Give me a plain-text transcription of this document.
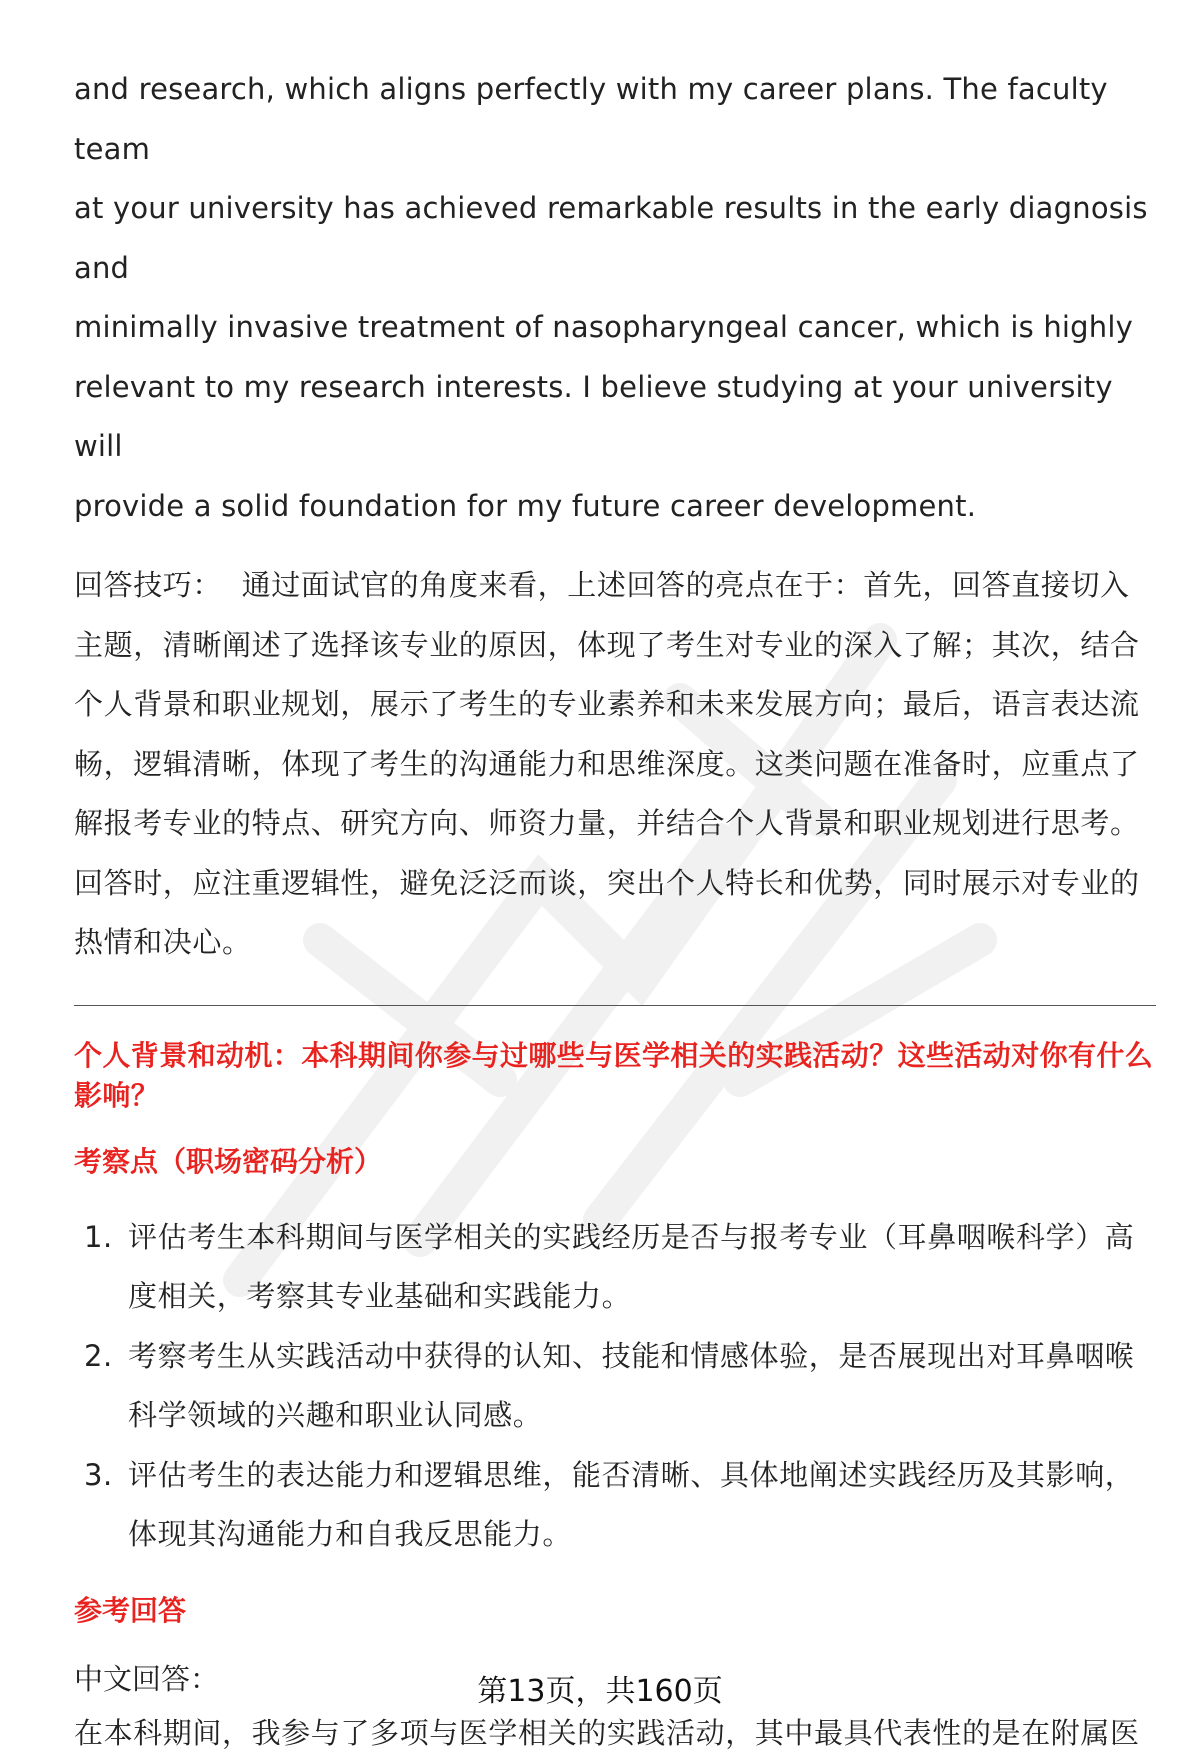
and research, which aligns perfectly with my career plans. The faculty team

at your university has achieved remarkable results in the early diagnosis and

minimally invasive treatment of nasopharyngeal cancer, which is highly

relevant to my research interests. I believe studying at your university will

provide a solid foundation for my future career development.

回答技巧： 通过面试官的角度来看，上述回答的亮点在于：首先，回答直接切入主题，清晰阐述了选择该专业的原因，体现了考生对专业的深入了解；其次，结合个人背景和职业规划，展示了考生的专业素养和未来发展方向；最后，语言表达流畅，逻辑清晰，体现了考生的沟通能力和思维深度。这类问题在准备时，应重点了解报考专业的特点、研究方向、师资力量，并结合个人背景和职业规划进行思考。回答时，应注重逻辑性，避免泛泛而谈，突出个人特长和优势，同时展示对专业的热情和决心。
个人背景和动机：本科期间你参与过哪些与医学相关的实践活动？这些活动对你有什么影响？
考察点（职场密码分析）
1. 评估考生本科期间与医学相关的实践经历是否与报考专业（耳鼻咽喉科学）高度相关，考察其专业基础和实践能力。
2. 考察考生从实践活动中获得的认知、技能和情感体验，是否展现出对耳鼻咽喉科学领域的兴趣和职业认同感。
3. 评估考生的表达能力和逻辑思维，能否清晰、具体地阐述实践经历及其影响，体现其沟通能力和自我反思能力。
参考回答
中文回答：
在本科期间，我参与了多项与医学相关的实践活动，其中最具代表性的是在附属医
第13页，共160页
